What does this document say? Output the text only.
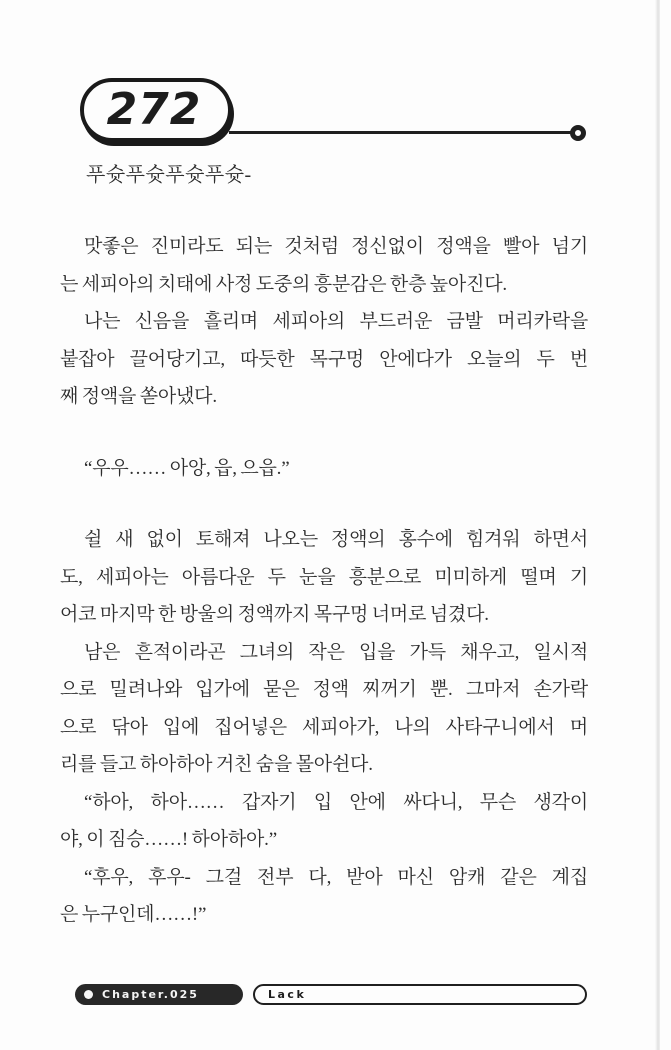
272
푸슛푸슛푸슛푸슛-
맛좋은 진미라도 되는 것처럼 정신없이 정액을 빨아 넘기
는 세피아의 치태에 사정 도중의 흥분감은 한층 높아진다.
나는 신음을 흘리며 세피아의 부드러운 금발 머리카락을
붙잡아 끌어당기고, 따듯한 목구멍 안에다가 오늘의 두 번
째 정액을 쏟아냈다.
“우우…… 아앙, 읍, 으읍.”
쉴 새 없이 토해져 나오는 정액의 홍수에 힘겨워 하면서
도, 세피아는 아름다운 두 눈을 흥분으로 미미하게 떨며 기
어코 마지막 한 방울의 정액까지 목구멍 너머로 넘겼다.
남은 흔적이라곤 그녀의 작은 입을 가득 채우고, 일시적
으로 밀려나와 입가에 묻은 정액 찌꺼기 뿐. 그마저 손가락
으로 닦아 입에 집어넣은 세피아가, 나의 사타구니에서 머
리를 들고 하아하아 거친 숨을 몰아쉰다.
“하아, 하아…… 갑자기 입 안에 싸다니, 무슨 생각이
야, 이 짐승……! 하아하아.”
“후우, 후우- 그걸 전부 다, 받아 마신 암캐 같은 계집
은 누구인데……!”
Chapter.025	Lack
